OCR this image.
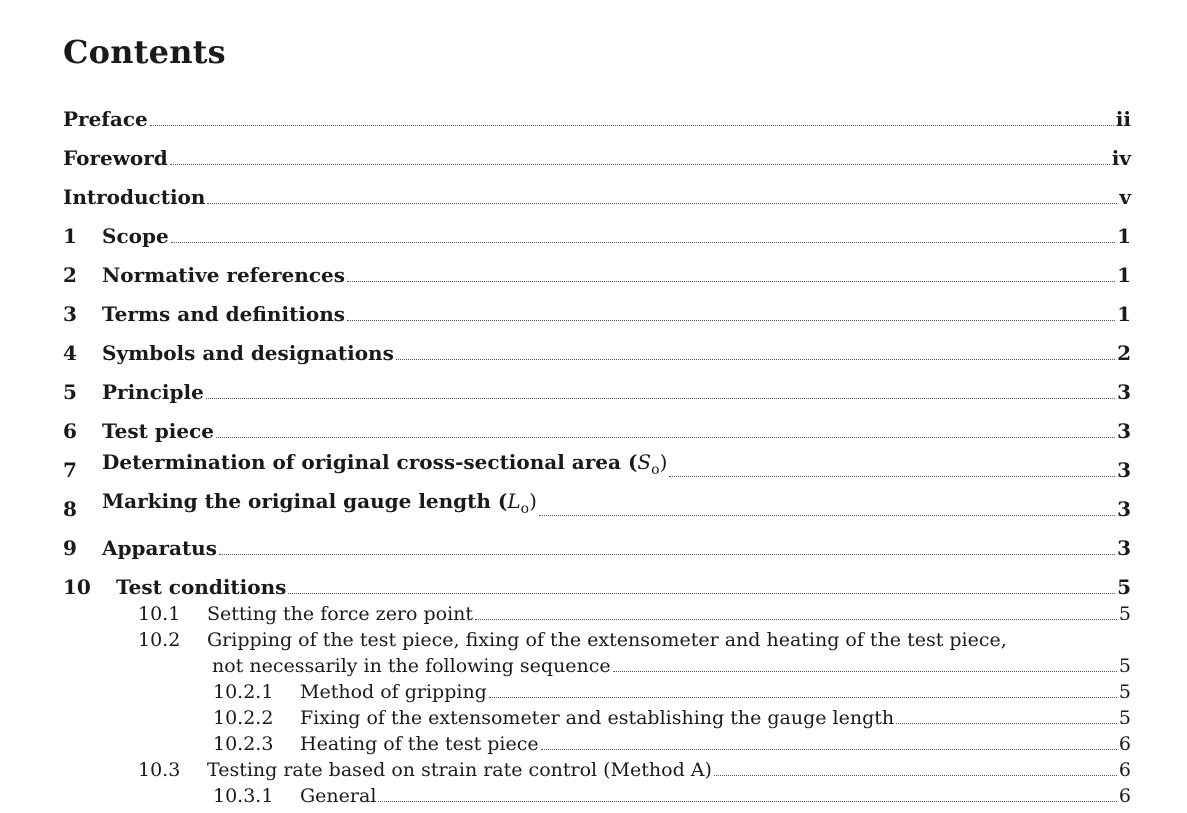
Contents
Preface	ii
Foreword	iv
Introduction	v
1	Scope	1
2	Normative references	1
3	Terms and definitions	1
4	Symbols and designations	2
5	Principle	3
6	Test piece	3
7	Determination of original cross-sectional area $(S_o)$	3
8	Marking the original gauge length $(L_o)$	3
9	Apparatus	3
10	Test conditions	5
10.1	Setting the force zero point	5
10.2 Gripping of the test piece, fixing of the extensometer and heating of the test piece,
not necessarily in the following sequence	5
10.2.1	Method of gripping	5
10.2.2	Fixing of the extensometer and establishing the gauge length	5
10.2.3	Heating of the test piece	6
10.3	Testing rate based on strain rate control (Method A)	6
10.3.1	General	6
